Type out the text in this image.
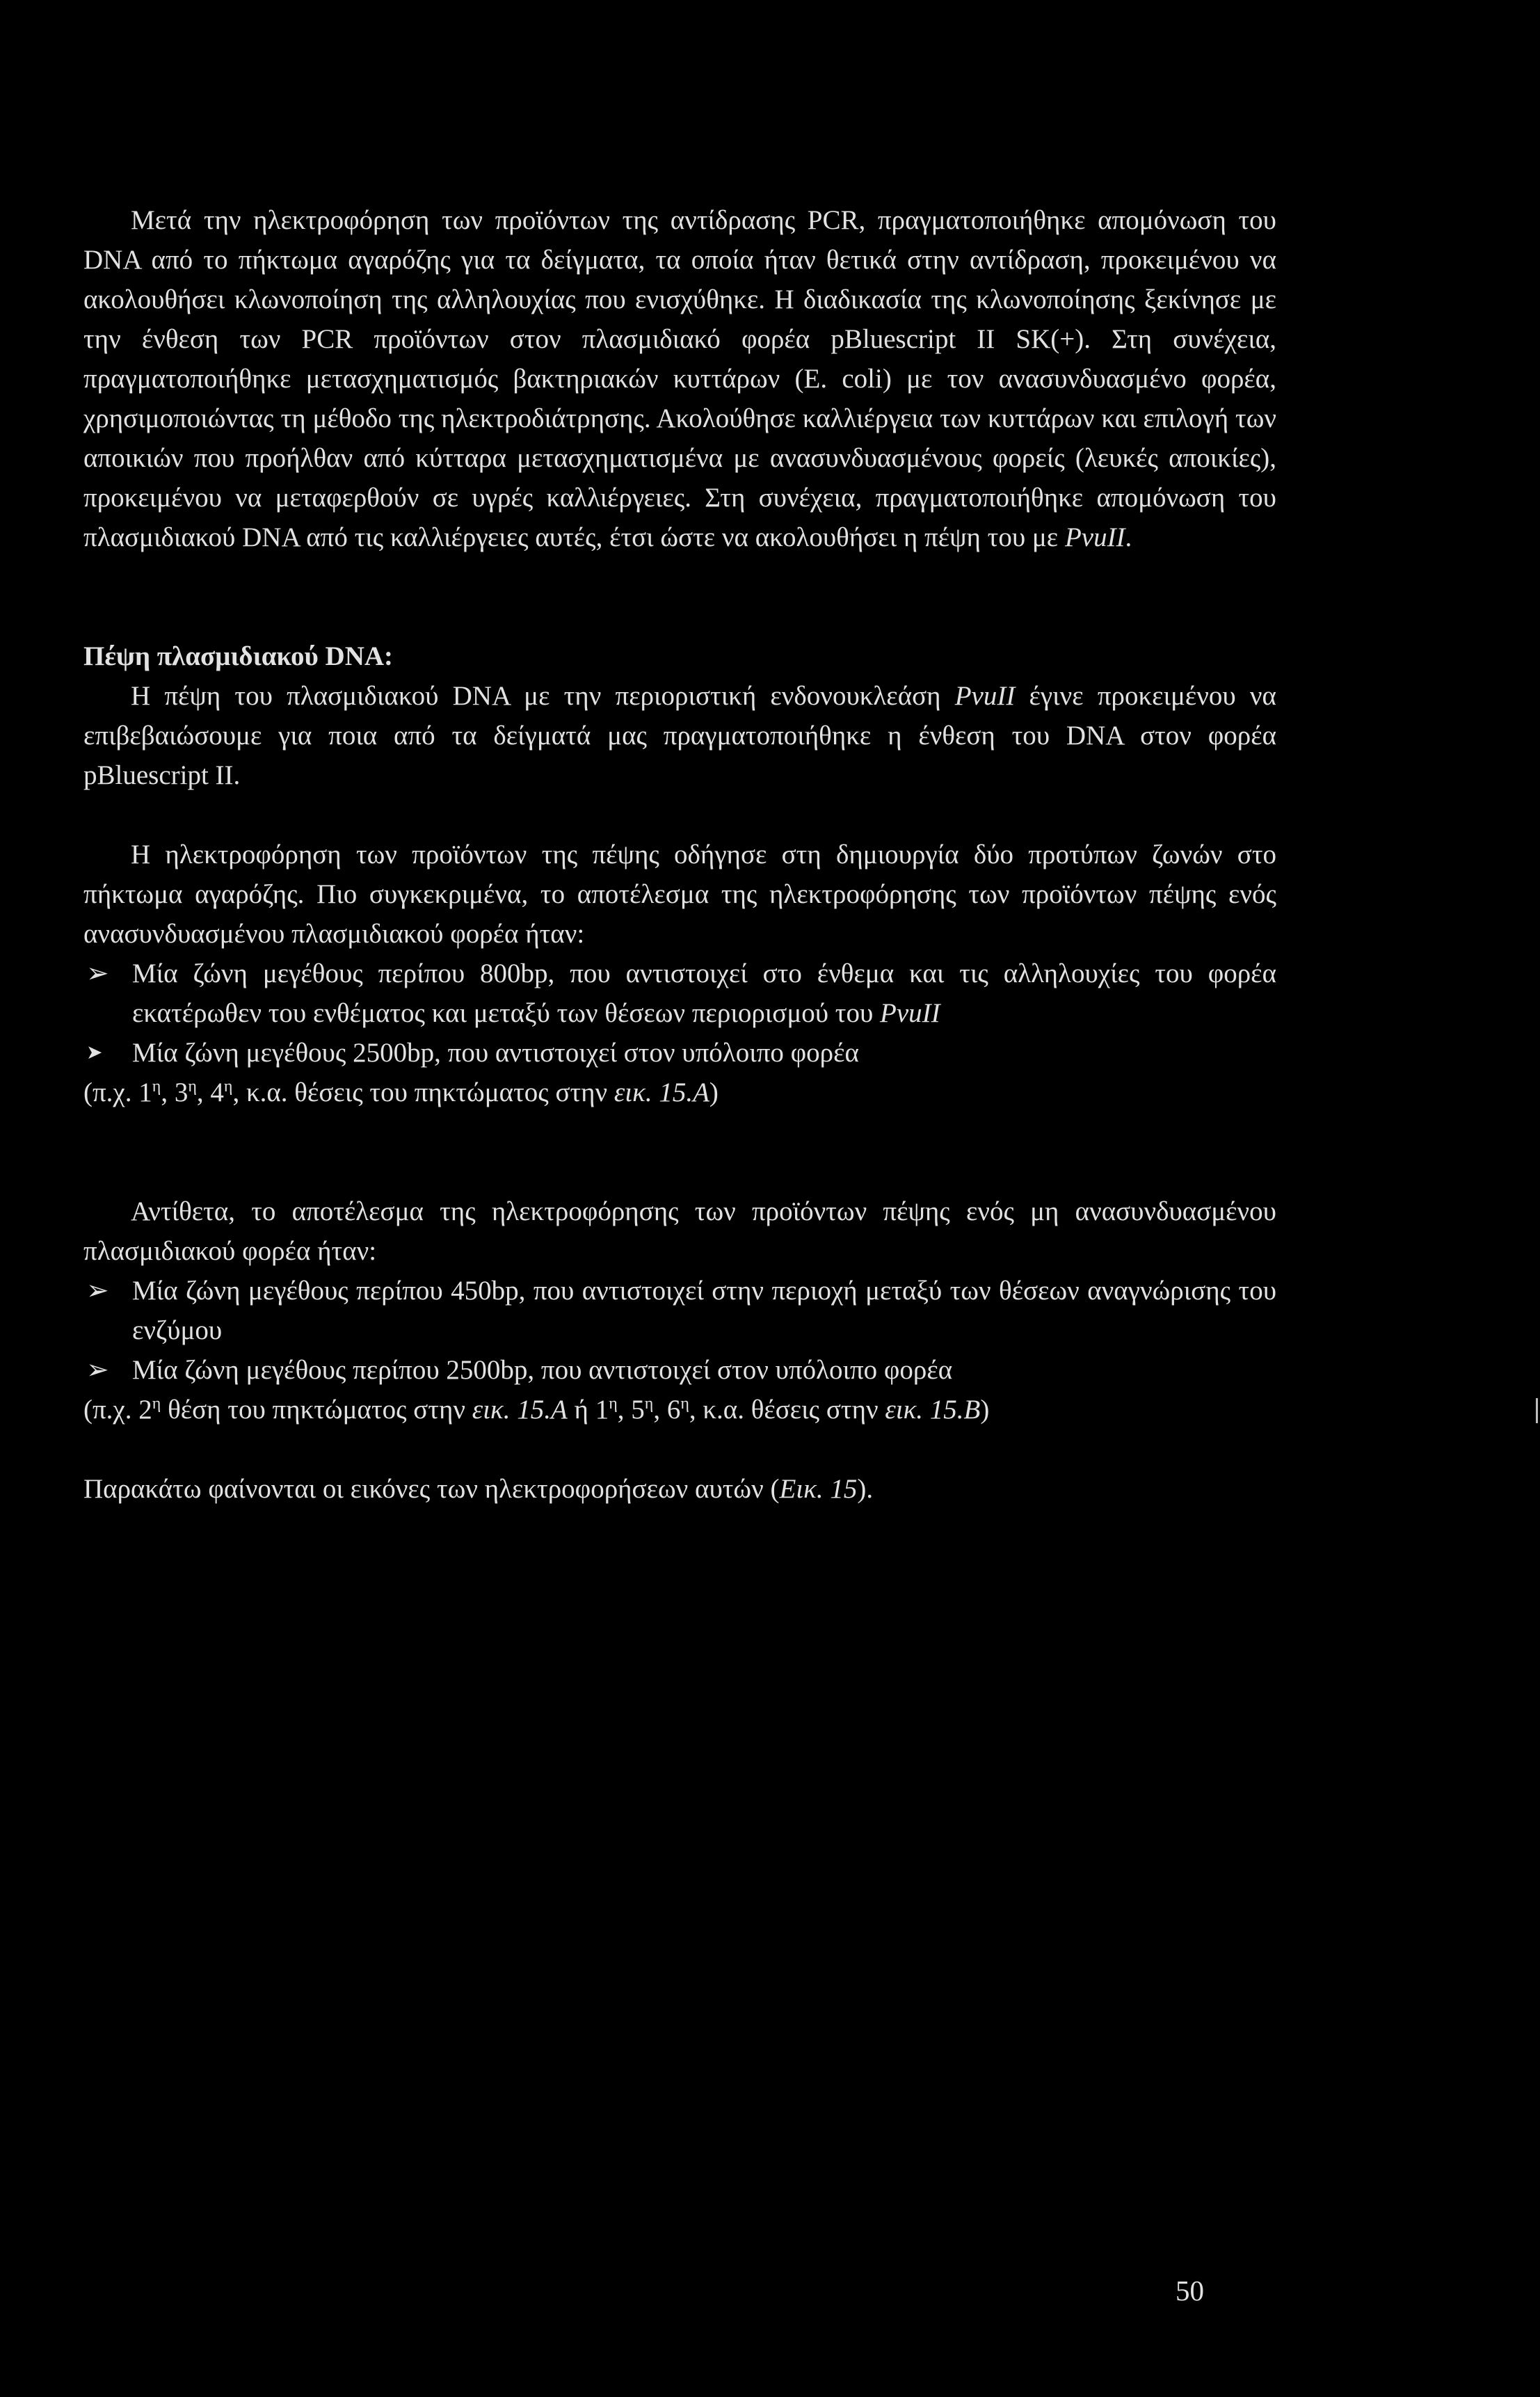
Μετά την ηλεκτροφόρηση των προϊόντων της αντίδρασης PCR, πραγματοποιήθηκε απομόνωση του DNA από το πήκτωμα αγαρόζης για τα δείγματα, τα οποία ήταν θετικά στην αντίδραση, προκειμένου να ακολουθήσει κλωνοποίηση της αλληλουχίας που ενισχύθηκε. Η διαδικασία της κλωνοποίησης ξεκίνησε με την ένθεση των PCR προϊόντων στον πλασμιδιακό φορέα pBluescript II SK(+). Στη συνέχεια, πραγματοποιήθηκε μετασχηματισμός βακτηριακών κυττάρων (E. coli) με τον ανασυνδυασμένο φορέα, χρησιμοποιώντας τη μέθοδο της ηλεκτροδιάτρησης. Ακολούθησε καλλιέργεια των κυττάρων και επιλογή των αποικιών που προήλθαν από κύτταρα μετασχηματισμένα με ανασυνδυασμένους φορείς (λευκές αποικίες), προκειμένου να μεταφερθούν σε υγρές καλλιέργειες. Στη συνέχεια, πραγματοποιήθηκε απομόνωση του πλασμιδιακού DNA από τις καλλιέργειες αυτές, έτσι ώστε να ακολουθήσει η πέψη του με PvuII.

Πέψη πλασμιδιακού DNA:

Η πέψη του πλασμιδιακού DNA με την περιοριστική ενδονουκλεάση PvuII έγινε προκειμένου να επιβεβαιώσουμε για ποια από τα δείγματά μας πραγματοποιήθηκε η ένθεση του DNA στον φορέα pBluescript II.

Η ηλεκτροφόρηση των προϊόντων της πέψης οδήγησε στη δημιουργία δύο προτύπων ζωνών στο πήκτωμα αγαρόζης. Πιο συγκεκριμένα, το αποτέλεσμα της ηλεκτροφόρησης των προϊόντων πέψης ενός ανασυνδυασμένου πλασμιδιακού φορέα ήταν:

➢ Μία ζώνη μεγέθους περίπου 800bp, που αντιστοιχεί στο ένθεμα και τις αλληλουχίες του φορέα εκατέρωθεν του ενθέματος και μεταξύ των θέσεων περιορισμού του PvuII

➤	Μία ζώνη μεγέθους 2500bp, που αντιστοιχεί στον υπόλοιπο φορέα

(π.χ. $1^\eta$, $3^\eta$, $4^\eta$, κ.α. θέσεις του πηκτώματος στην εικ. 15.Α)

Αντίθετα, το αποτέλεσμα της ηλεκτροφόρησης των προϊόντων πέψης ενός μη ανασυνδυασμένου πλασμιδιακού φορέα ήταν:

➢ Μία ζώνη μεγέθους περίπου 450bp, που αντιστοιχεί στην περιοχή μεταξύ των θέσεων αναγνώρισης του ενζύμου

➢ Μία ζώνη μεγέθους περίπου 2500bp, που αντιστοιχεί στον υπόλοιπο φορέα

(π.χ. $2^\eta$ θέση του πηκτώματος στην εικ. 15.Α ή $1^\eta$, $5^\eta$, $6^\eta$, κ.α. θέσεις στην εικ. 15.Β)

Παρακάτω φαίνονται οι εικόνες των ηλεκτροφορήσεων αυτών (Εικ. 15).

50
